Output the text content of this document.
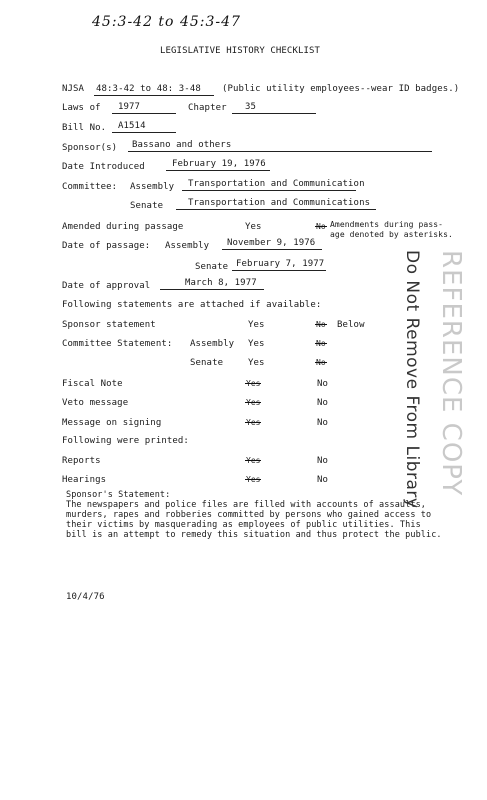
45:3-42 to 45:3-47
LEGISLATIVE HISTORY CHECKLIST
NJSA 48:3-42 to 48: 3-48 (Public utility employees--wear ID badges.)
Laws of 1977	Chapter 35
Bill No. A1514
Sponsor(s) Bassano and others
Date Introduced	February 19, 1976
Committee: Assembly Transportation and Communication
Senate	Transportation and Communications
Amended during passage	Yes	No Amendments during pass-
age denoted by asterisks.
Date of passage: Assembly November 9, 1976
Senate February 7, 1977
Date of approval	March 8, 1977
Following statements are attached if available:
Sponsor statement	Yes	No Below
Committee Statement: Assembly Yes	No
Senate	Yes	No
Fiscal Note	Yes	No
Veto message	Yes	No
Message on signing	Yes	No
Following were printed:
Reports	Yes	No
Hearings	Yes	No
Sponsor's Statement:
The newspapers and police files are filled with accounts of assaults,
murders, rapes and robberies committed by persons who gained access to
their victims by masquerading as employees of public utilities. This
bill is an attempt to remedy this situation and thus protect the public.
10/4/76
REFERENCE COPY
Do Not Remove From Library
